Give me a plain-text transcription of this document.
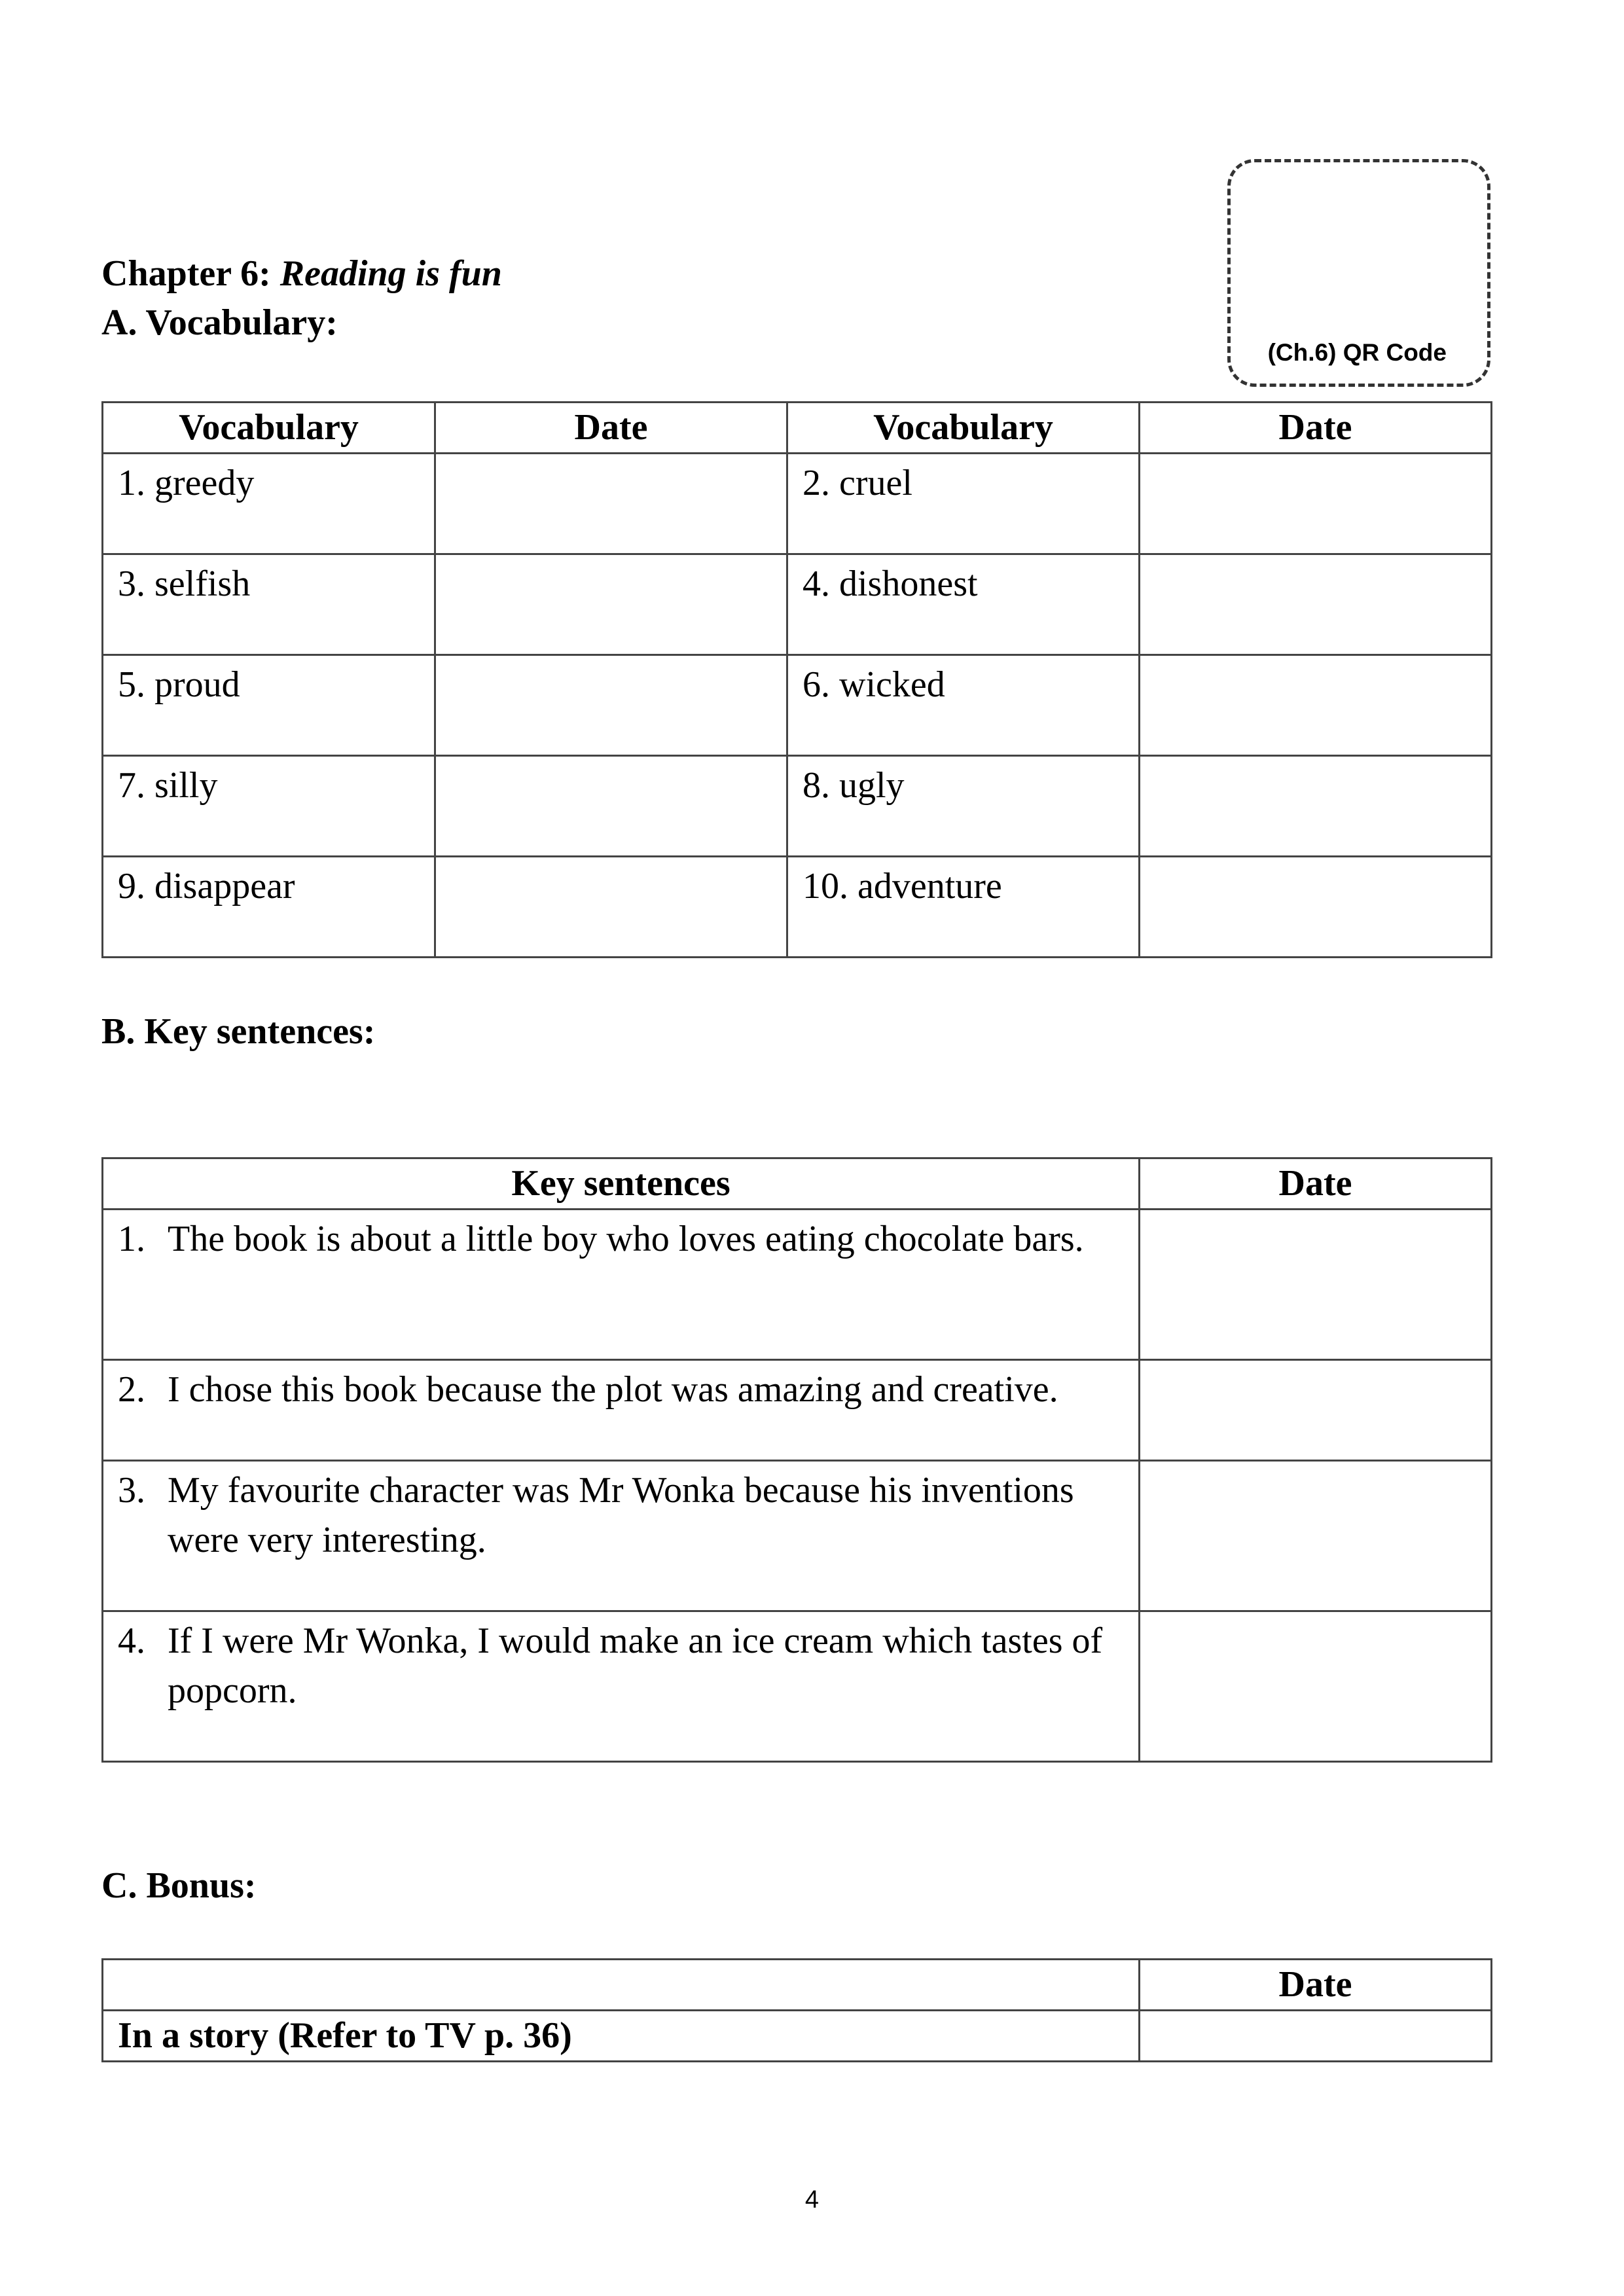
Chapter 6: Reading is fun
A. Vocabulary:
(Ch.6) QR Code
Vocabulary	Date	Vocabulary	Date
1. greedy		2. cruel	
3. selfish		4. dishonest	
5. proud		6. wicked	
7. silly		8. ugly	
9. disappear		10. adventure	
B. Key sentences:
Key sentences	Date

1. The book is about a little boy who loves eating chocolate bars.	

2. I chose this book because the plot was amazing and creative.	

3. My favourite character was Mr Wonka because his inventions were very interesting.	

4. If I were Mr Wonka, I would make an ice cream which tastes of popcorn.	

C. Bonus:
	Date
In a story (Refer to TV p. 36)	
4
